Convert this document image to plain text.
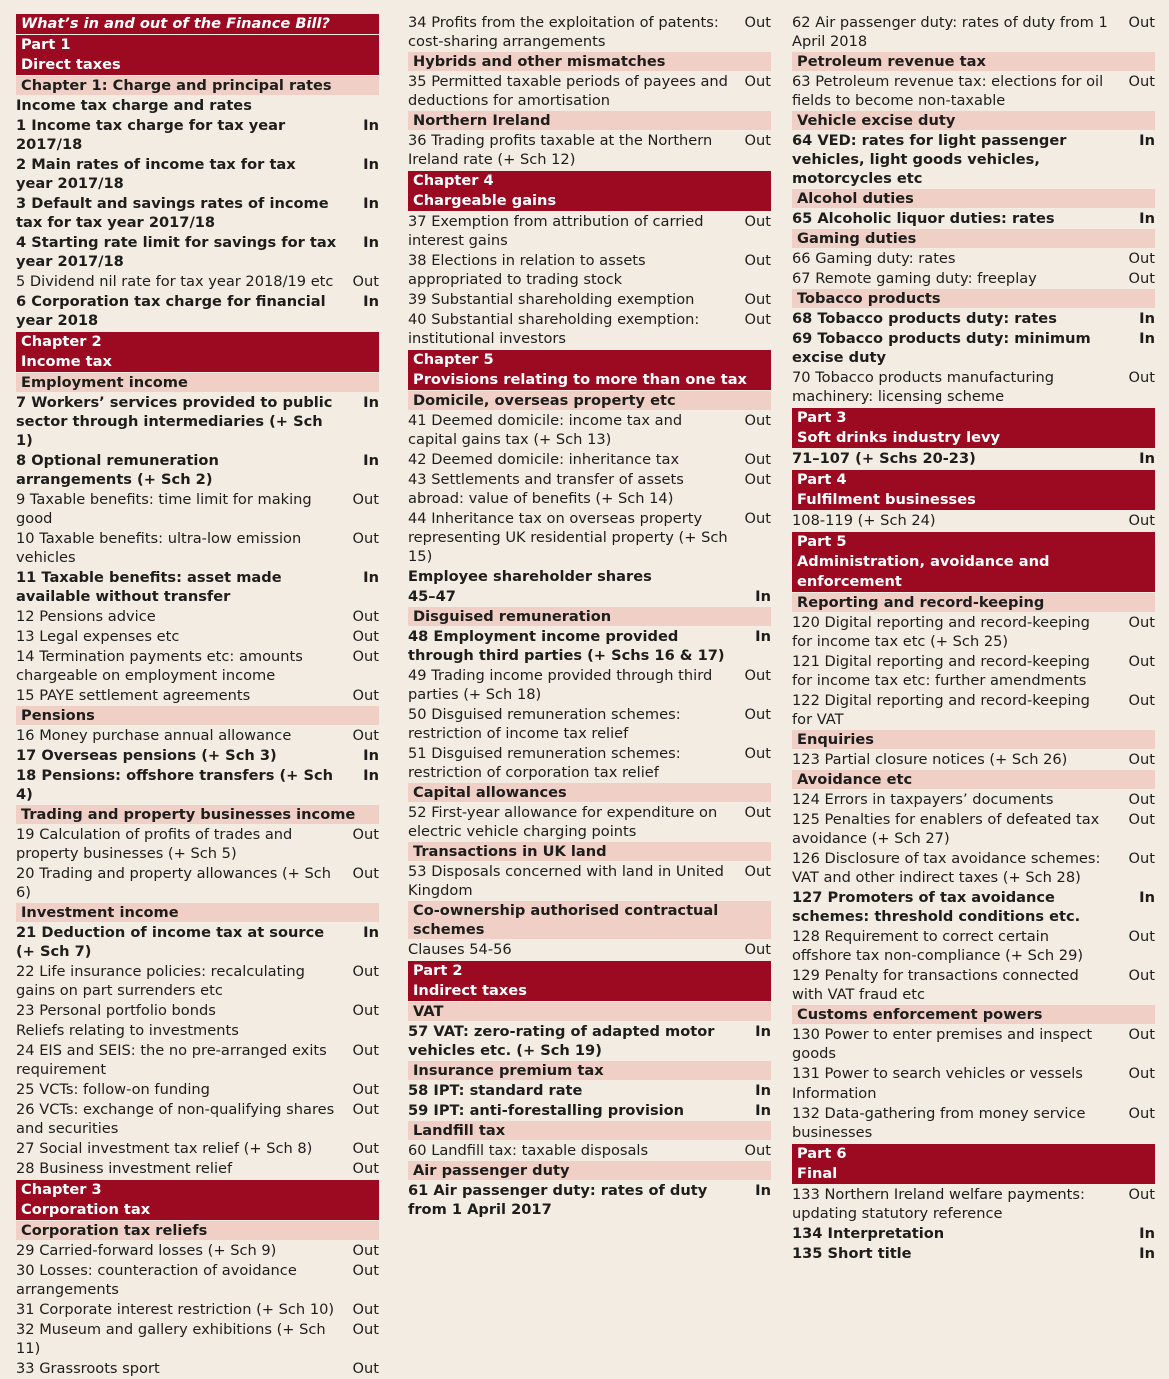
What’s in and out of the Finance Bill?
Part 1
Direct taxes
Chapter 1: Charge and principal rates
Income tax charge and rates
1 Income tax charge for tax year 2017/18
In
2 Main rates of income tax for tax year 2017/18
In
3 Default and savings rates of income tax for tax year 2017/18
In
4 Starting rate limit for savings for tax year 2017/18
In
5 Dividend nil rate for tax year 2018/19 etc	Out
6 Corporation tax charge for financial year 2018
In
Chapter 2
Income tax
Employment income
7 Workers’ services provided to public sector through intermediaries (+ Sch 1)
In
8 Optional remuneration arrangements (+ Sch 2)
In
9 Taxable benefits: time limit for making good
Out
10 Taxable benefits: ultra-low emission vehicles
Out
11 Taxable benefits: asset made available without transfer
In
12 Pensions advice	Out
13 Legal expenses etc	Out
14 Termination payments etc: amounts chargeable on employment income
Out
15 PAYE settlement agreements	Out
Pensions
16 Money purchase annual allowance	Out
17 Overseas pensions (+ Sch 3)	In
18 Pensions: offshore transfers (+ Sch 4)
In
Trading and property businesses income
19 Calculation of profits of trades and property businesses (+ Sch 5)
Out
20 Trading and property allowances (+ Sch 6)
Out
Investment income
21 Deduction of income tax at source (+ Sch 7)
In
22 Life insurance policies: recalculating gains on part surrenders etc
Out
23 Personal portfolio bonds	Out
Reliefs relating to investments
24 EIS and SEIS: the no pre-arranged exits requirement
Out
25 VCTs: follow-on funding	Out
26 VCTs: exchange of non-qualifying shares and securities
Out
27 Social investment tax relief (+ Sch 8)	Out
28 Business investment relief	Out
Chapter 3
Corporation tax
Corporation tax reliefs
29 Carried-forward losses (+ Sch 9)	Out
30 Losses: counteraction of avoidance arrangements
Out
31 Corporate interest restriction (+ Sch 10)	Out
32 Museum and gallery exhibitions (+ Sch 11)
Out
33 Grassroots sport	Out
34 Profits from the exploitation of patents: cost-sharing arrangements
Out
Hybrids and other mismatches
35 Permitted taxable periods of payees and deductions for amortisation
Out
Northern Ireland
36 Trading profits taxable at the Northern Ireland rate (+ Sch 12)
Out
Chapter 4
Chargeable gains
37 Exemption from attribution of carried interest gains
Out
38 Elections in relation to assets appropriated to trading stock
Out
39 Substantial shareholding exemption	Out
40 Substantial shareholding exemption: institutional investors
Out
Chapter 5
Provisions relating to more than one tax
Domicile, overseas property etc
41 Deemed domicile: income tax and capital gains tax (+ Sch 13)
Out
42 Deemed domicile: inheritance tax	Out
43 Settlements and transfer of assets abroad: value of benefits (+ Sch 14)
Out
44 Inheritance tax on overseas property representing UK residential property (+ Sch 15)
Out
Employee shareholder shares
45–47	In
Disguised remuneration
48 Employment income provided through third parties (+ Schs 16 & 17)
In
49 Trading income provided through third parties (+ Sch 18)
Out
50 Disguised remuneration schemes: restriction of income tax relief
Out
51 Disguised remuneration schemes: restriction of corporation tax relief
Out
Capital allowances
52 First-year allowance for expenditure on electric vehicle charging points
Out
Transactions in UK land
53 Disposals concerned with land in United Kingdom
Out
Co-ownership authorised contractual schemes
Clauses 54-56	Out
Part 2
Indirect taxes
VAT
57 VAT: zero-rating of adapted motor vehicles etc. (+ Sch 19)
In
Insurance premium tax
58 IPT: standard rate	In
59 IPT: anti-forestalling provision	In
Landfill tax
60 Landfill tax: taxable disposals	Out
Air passenger duty
61 Air passenger duty: rates of duty from 1 April 2017
In
62 Air passenger duty: rates of duty from 1 April 2018
Out
Petroleum revenue tax
63 Petroleum revenue tax: elections for oil fields to become non-taxable
Out
Vehicle excise duty
64 VED: rates for light passenger vehicles, light goods vehicles, motorcycles etc
In
Alcohol duties
65 Alcoholic liquor duties: rates	In
Gaming duties
66 Gaming duty: rates	Out
67 Remote gaming duty: freeplay	Out
Tobacco products
68 Tobacco products duty: rates	In
69 Tobacco products duty: minimum excise duty
In
70 Tobacco products manufacturing machinery: licensing scheme
Out
Part 3
Soft drinks industry levy
71–107 (+ Schs 20-23)	In
Part 4
Fulfilment businesses
108-119 (+ Sch 24)	Out
Part 5
Administration, avoidance and enforcement
Reporting and record-keeping
120 Digital reporting and record-keeping for income tax etc (+ Sch 25)
Out
121 Digital reporting and record-keeping for income tax etc: further amendments
Out
122 Digital reporting and record-keeping for VAT
Out
Enquiries
123 Partial closure notices (+ Sch 26)	Out
Avoidance etc
124 Errors in taxpayers’ documents	Out
125 Penalties for enablers of defeated tax avoidance (+ Sch 27)
Out
126 Disclosure of tax avoidance schemes: VAT and other indirect taxes (+ Sch 28)
Out
127 Promoters of tax avoidance schemes: threshold conditions etc.
In
128 Requirement to correct certain offshore tax non-compliance (+ Sch 29)
Out
129 Penalty for transactions connected with VAT fraud etc
Out
Customs enforcement powers
130 Power to enter premises and inspect goods
Out
131 Power to search vehicles or vessels	Out
Information
132 Data-gathering from money service businesses
Out
Part 6
Final
133 Northern Ireland welfare payments: updating statutory reference
Out
134 Interpretation	In
135 Short title	In
